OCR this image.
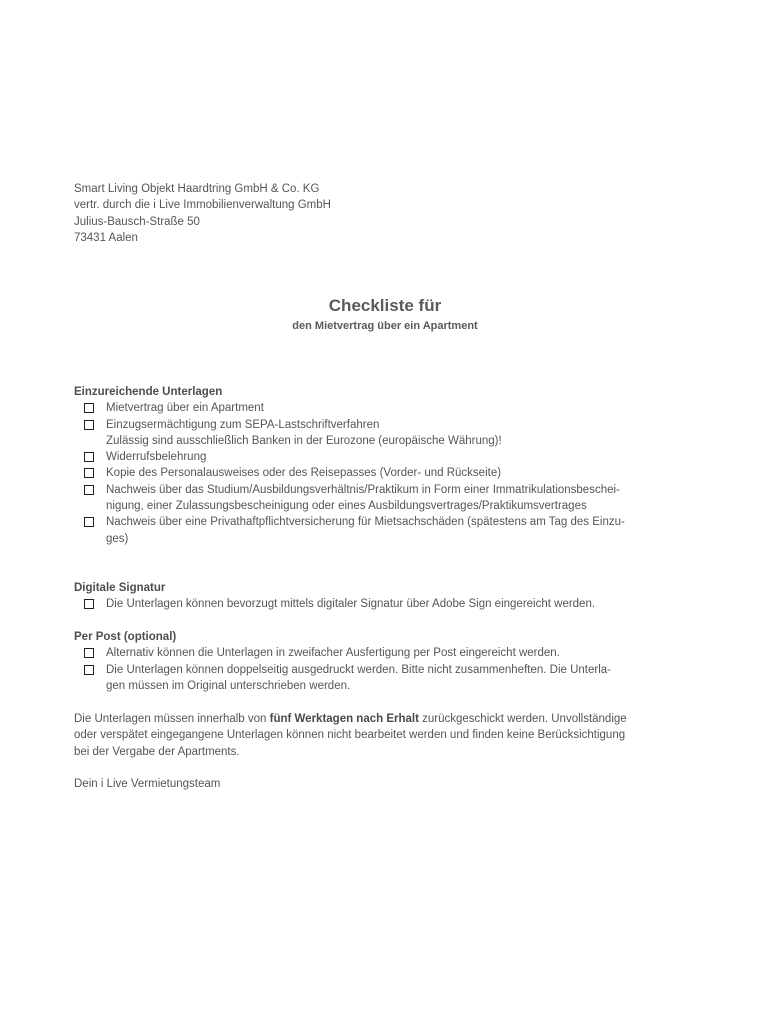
Smart Living Objekt Haardtring GmbH & Co. KG
vertr. durch die i Live Immobilienverwaltung GmbH
Julius-Bausch-Straße 50
73431 Aalen
Checkliste für
den Mietvertrag über ein Apartment
Einzureichende Unterlagen
Mietvertrag über ein Apartment
Einzugsermächtigung zum SEPA-Lastschriftverfahren
Zulässig sind ausschließlich Banken in der Eurozone (europäische Währung)!
Widerrufsbelehrung
Kopie des Personalausweises oder des Reisepasses (Vorder- und Rückseite)
Nachweis über das Studium/Ausbildungsverhältnis/Praktikum in Form einer Immatrikulationsbeschei-
nigung, einer Zulassungsbescheinigung oder eines Ausbildungsvertrages/Praktikumsvertrages
Nachweis über eine Privathaftpflichtversicherung für Mietsachschäden (spätestens am Tag des Einzu-
ges)
Digitale Signatur
Die Unterlagen können bevorzugt mittels digitaler Signatur über Adobe Sign eingereicht werden.
Per Post (optional)
Alternativ können die Unterlagen in zweifacher Ausfertigung per Post eingereicht werden.
Die Unterlagen können doppelseitig ausgedruckt werden. Bitte nicht zusammenheften. Die Unterla-
gen müssen im Original unterschrieben werden.
Die Unterlagen müssen innerhalb von fünf Werktagen nach Erhalt zurückgeschickt werden. Unvollständige
oder verspätet eingegangene Unterlagen können nicht bearbeitet werden und finden keine Berücksichtigung
bei der Vergabe der Apartments.
Dein i Live Vermietungsteam
